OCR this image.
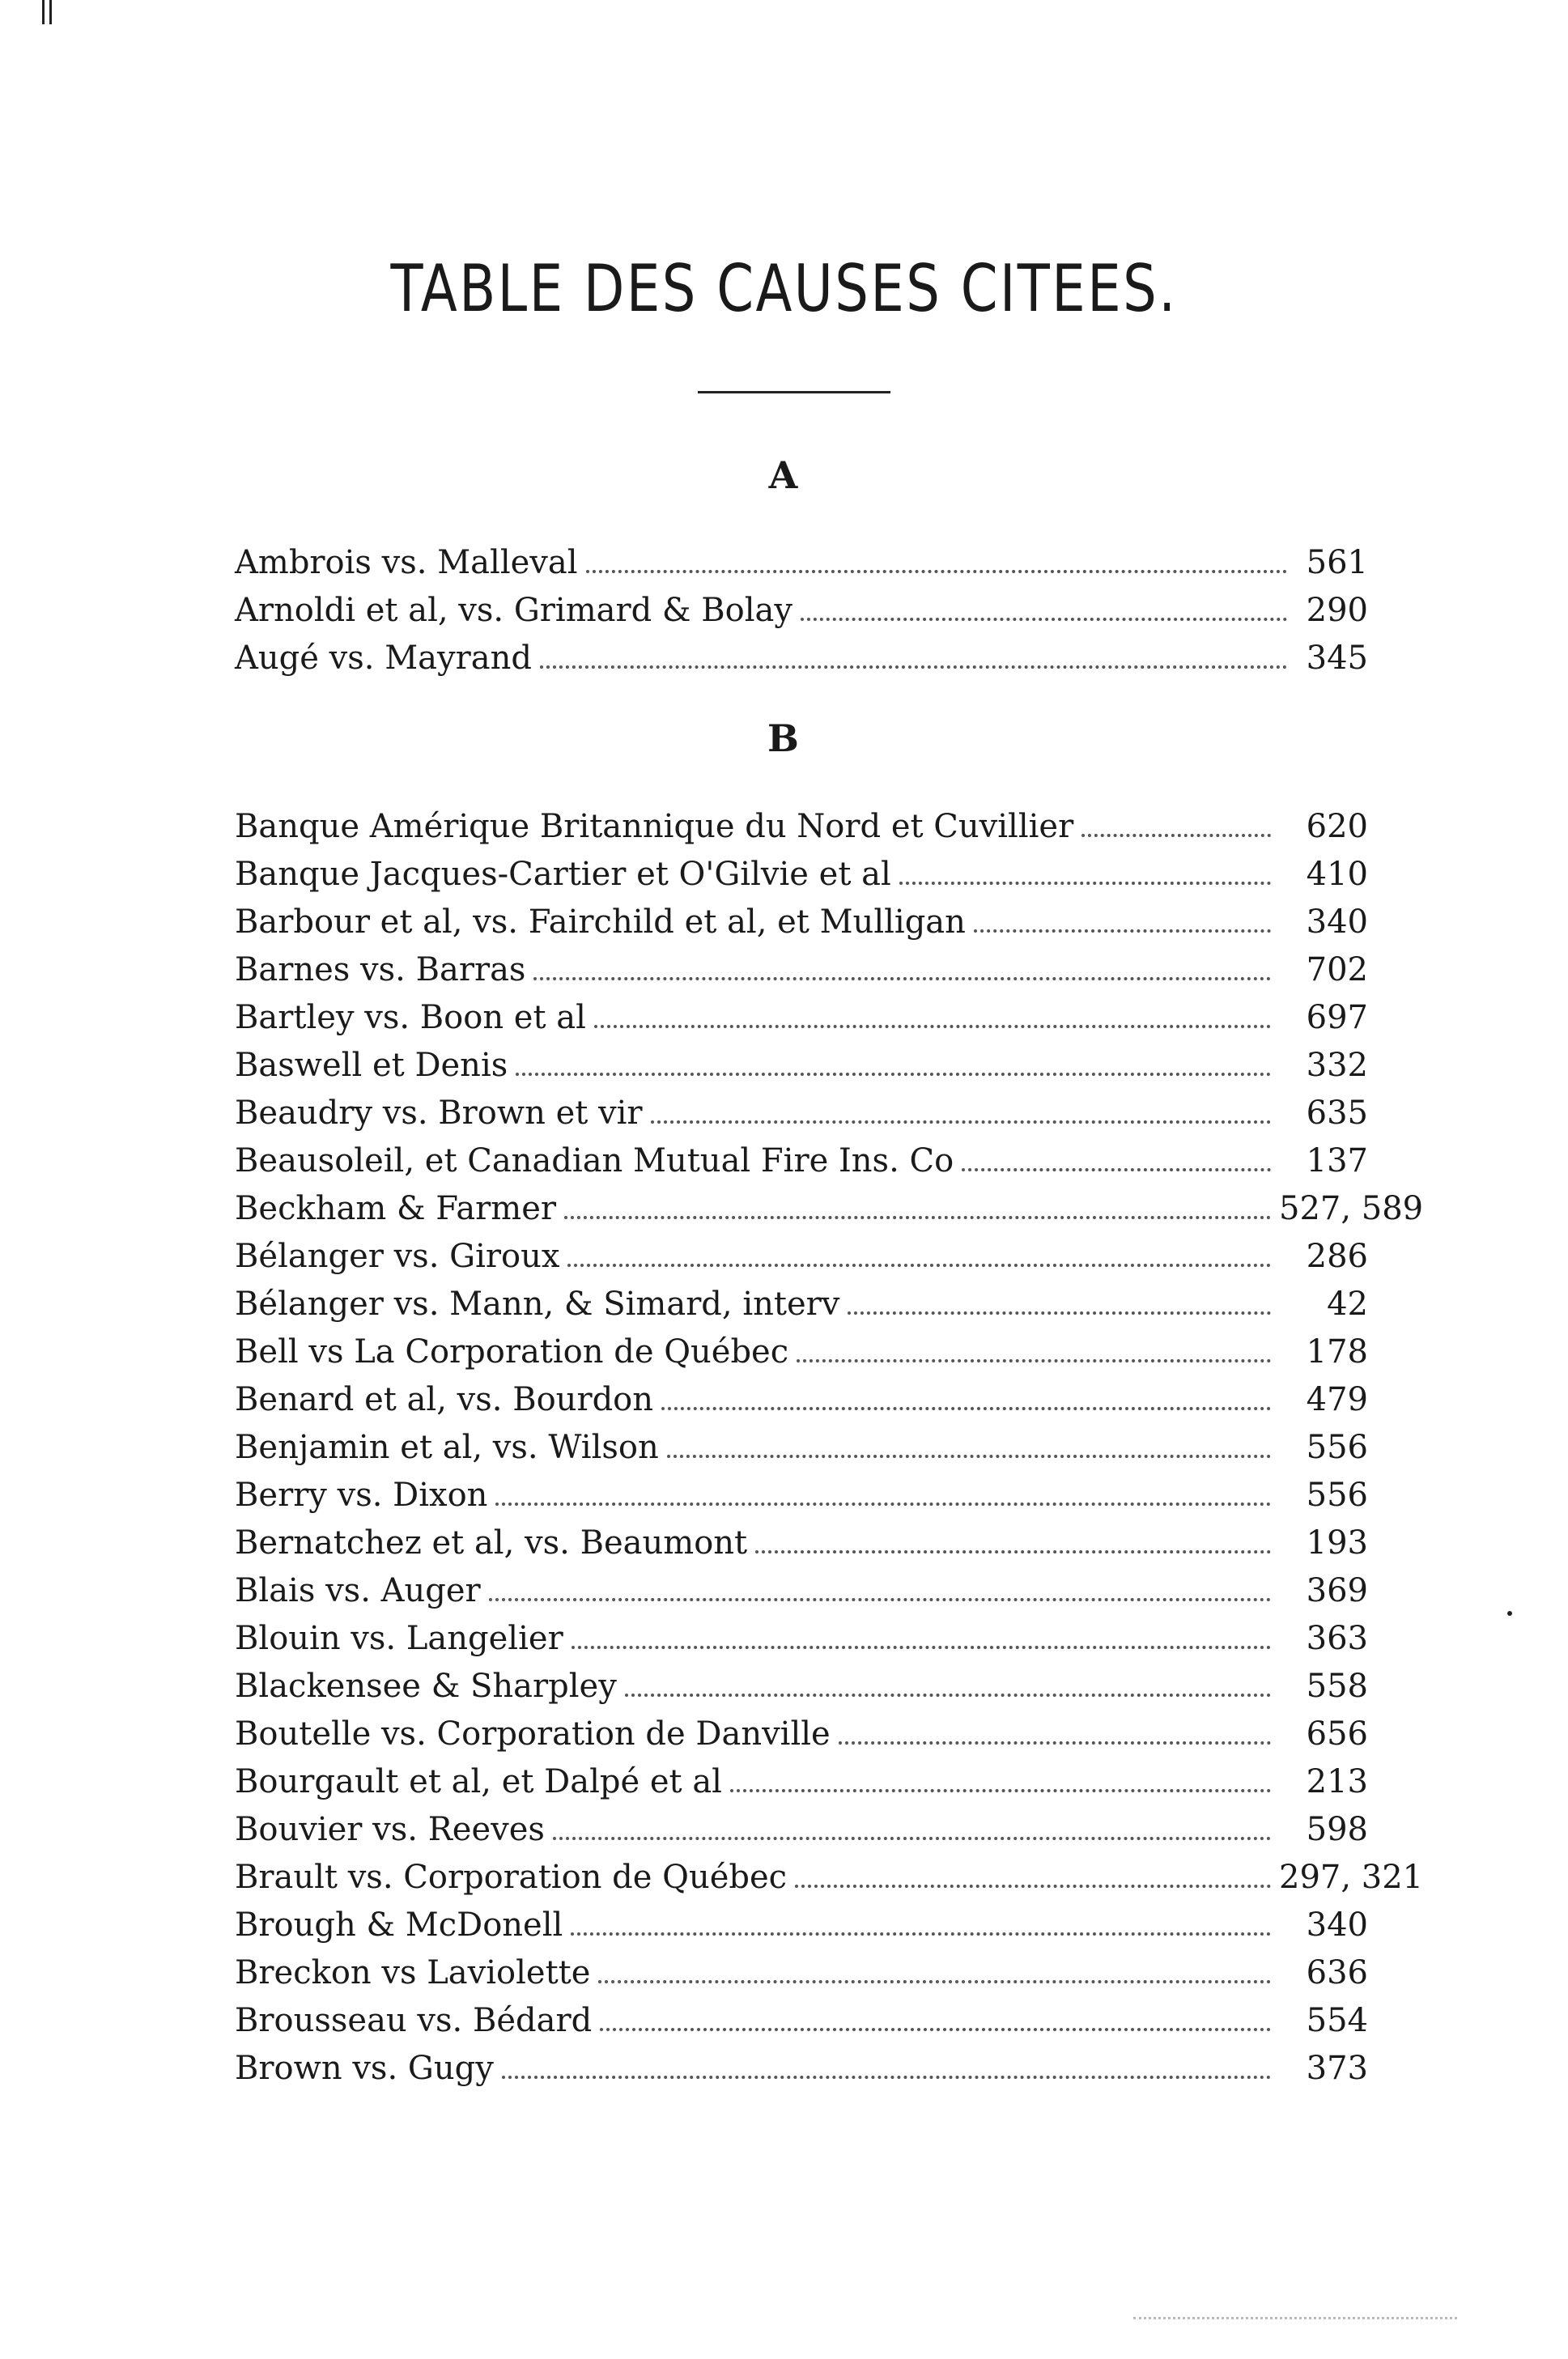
TABLE DES CAUSES CITEES.
A
Ambrois vs. Malleval	561
Arnoldi et al, vs. Grimard & Bolay	290
Augé vs. Mayrand	345
B
Banque Amérique Britannique du Nord et Cuvillier	620
Banque Jacques-Cartier et O'Gilvie et al	410
Barbour et al, vs. Fairchild et al, et Mulligan	340
Barnes vs. Barras	702
Bartley vs. Boon et al	697
Baswell et Denis	332
Beaudry vs. Brown et vir	635
Beausoleil, et Canadian Mutual Fire Ins. Co	137
Beckham & Farmer	527, 589
Bélanger vs. Giroux	286
Bélanger vs. Mann, & Simard, interv	42
Bell vs La Corporation de Québec	178
Benard et al, vs. Bourdon	479
Benjamin et al, vs. Wilson	556
Berry vs. Dixon	556
Bernatchez et al, vs. Beaumont	193
Blais vs. Auger	369
Blouin vs. Langelier	363
Blackensee & Sharpley	558
Boutelle vs. Corporation de Danville	656
Bourgault et al, et Dalpé et al	213
Bouvier vs. Reeves	598
Brault vs. Corporation de Québec	297, 321
Brough & McDonell	340
Breckon vs Laviolette	636
Brousseau vs. Bédard	554
Brown vs. Gugy	373
